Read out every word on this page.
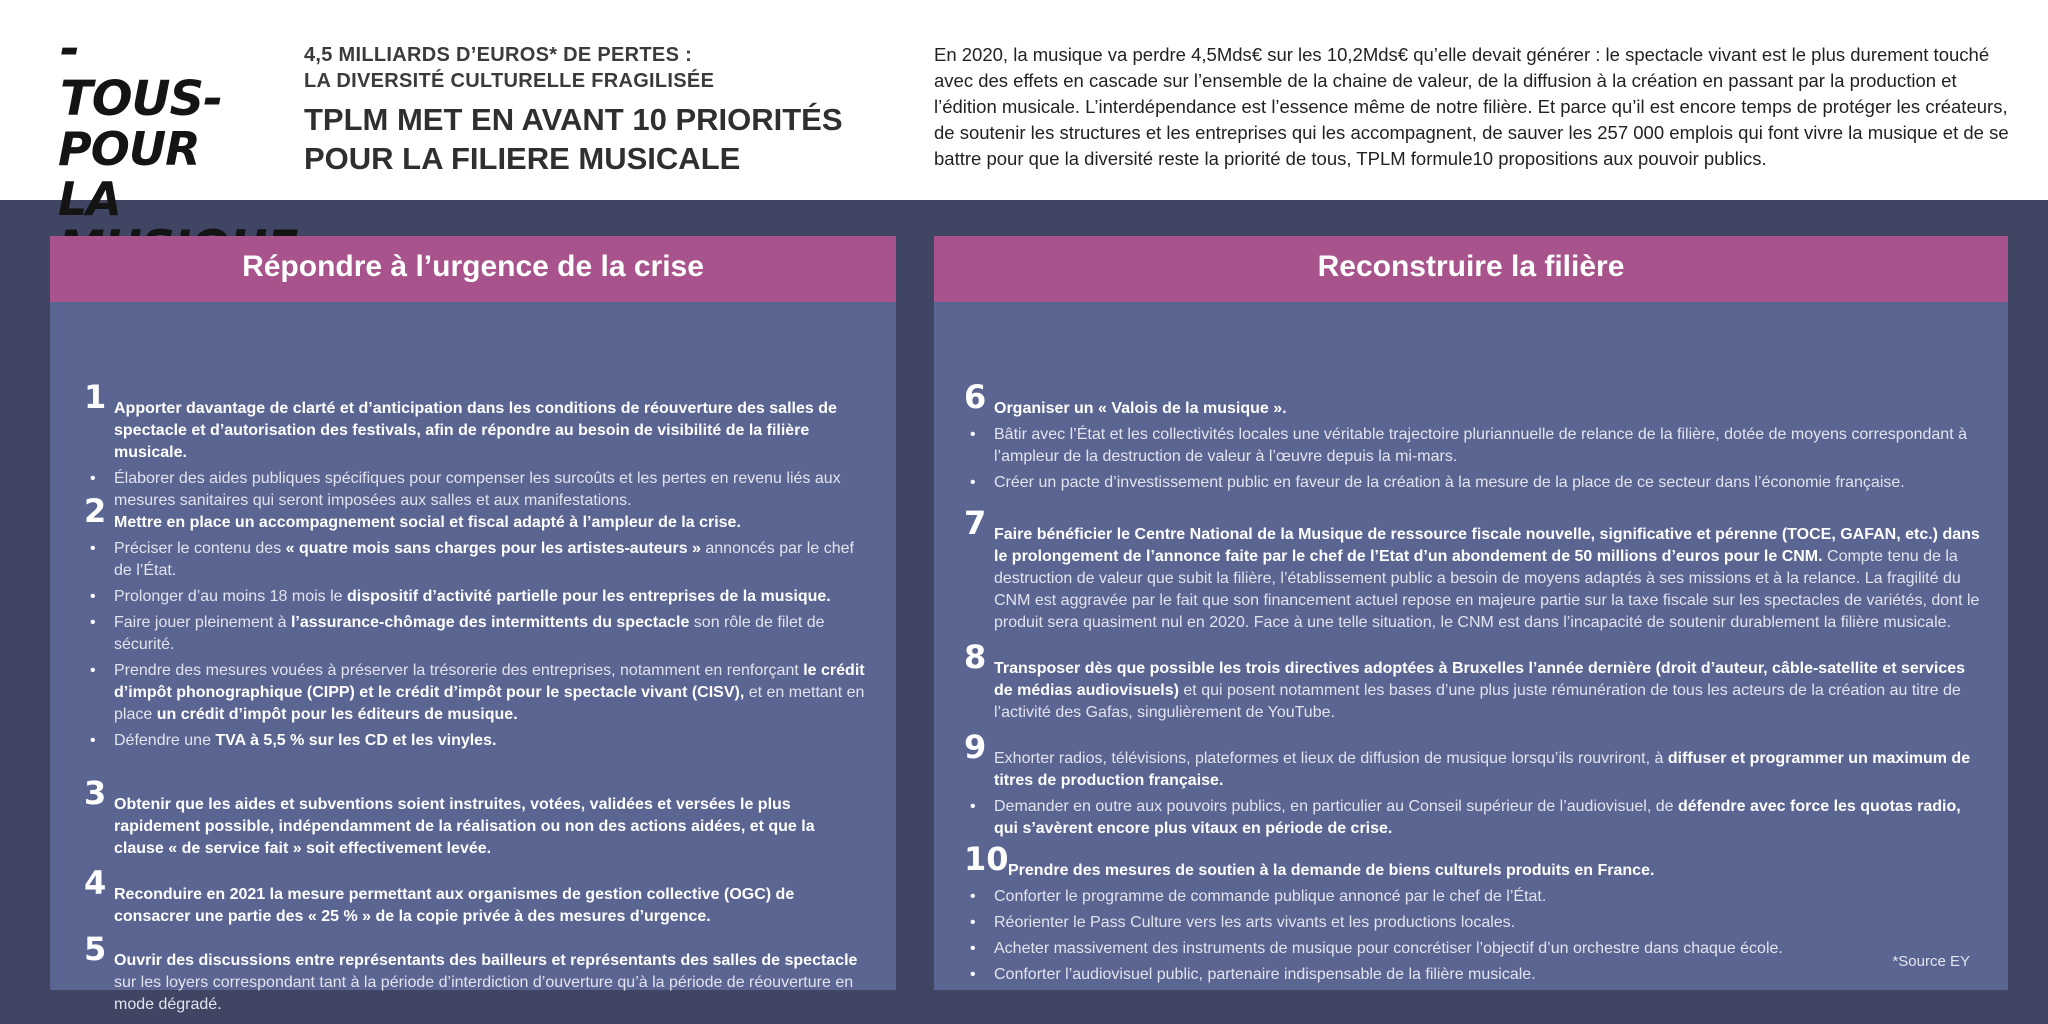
-TOUS-
POUR LA
4,5 MILLIARDS D’EUROS* DE PERTES :
LA DIVERSITÉ CULTURELLE FRAGILISÉE
TPLM MET EN AVANT 10 PRIORITÉS
POUR LA FILIERE MUSICALE
En 2020, la musique va perdre 4,5Mds€ sur les 10,2Mds€ qu’elle devait générer : le spectacle vivant est le plus durement touché avec des effets en cascade sur l’ensemble de la chaine de valeur, de la diffusion à la création en passant par la production et l’édition musicale. L’interdépendance est l’essence même de notre filière. Et parce qu’il est encore temps de protéger les créateurs, de soutenir les structures et les entreprises qui les accompagnent, de sauver les 257 000 emplois qui font vivre la musique et de se battre pour que la diversité reste la priorité de tous, TPLM formule10 propositions aux pouvoir publics.
Répondre à l’urgence de la crise
1 Apporter davantage de clarté et d’anticipation dans les conditions de réouverture des salles de spectacle et d’autorisation des festivals, afin de répondre au besoin de visibilité de la filière musicale.
• Élaborer des aides publiques spécifiques pour compenser les surcoûts et les pertes en revenu liés aux mesures sanitaires qui seront imposées aux salles et aux manifestations.
2 Mettre en place un accompagnement social et fiscal adapté à l’ampleur de la crise.
• Préciser le contenu des « quatre mois sans charges pour les artistes-auteurs » annoncés par le chef de l’État.
• Prolonger d’au moins 18 mois le dispositif d’activité partielle pour les entreprises de la musique.
• Faire jouer pleinement à l’assurance-chômage des intermittents du spectacle son rôle de filet de sécurité.
• Prendre des mesures vouées à préserver la trésorerie des entreprises, notamment en renforçant le crédit d’impôt phonographique (CIPP) et le crédit d’impôt pour le spectacle vivant (CISV), et en mettant en place un crédit d’impôt pour les éditeurs de musique.
• Défendre une TVA à 5,5 % sur les CD et les vinyles.
3 Obtenir que les aides et subventions soient instruites, votées, validées et versées le plus rapidement possible, indépendamment de la réalisation ou non des actions aidées, et que la clause « de service fait » soit effectivement levée.
4 Reconduire en 2021 la mesure permettant aux organismes de gestion collective (OGC) de consacrer une partie des « 25 % » de la copie privée à des mesures d’urgence.
5 Ouvrir des discussions entre représentants des bailleurs et représentants des salles de spectacle sur les loyers correspondant tant à la période d’interdiction d’ouverture qu’à la période de réouverture en mode dégradé.
Reconstruire la filière
6 Organiser un « Valois de la musique ».
• Bâtir avec l’État et les collectivités locales une véritable trajectoire pluriannuelle de relance de la filière, dotée de moyens correspondant à l’ampleur de la destruction de valeur à l’œuvre depuis la mi-mars.
• Créer un pacte d’investissement public en faveur de la création à la mesure de la place de ce secteur dans l’économie française.
7 Faire bénéficier le Centre National de la Musique de ressource fiscale nouvelle, significative et pérenne (TOCE, GAFAN, etc.) dans le prolongement de l’annonce faite par le chef de l’Etat d’un abondement de 50 millions d’euros pour le CNM. Compte tenu de la destruction de valeur que subit la filière, l’établissement public a besoin de moyens adaptés à ses missions et à la relance. La fragilité du CNM est aggravée par le fait que son financement actuel repose en majeure partie sur la taxe fiscale sur les spectacles de variétés, dont le produit sera quasiment nul en 2020. Face à une telle situation, le CNM est dans l’incapacité de soutenir durablement la filière musicale.
8 Transposer dès que possible les trois directives adoptées à Bruxelles l’année dernière (droit d’auteur, câble-satellite et services de médias audiovisuels) et qui posent notamment les bases d’une plus juste rémunération de tous les acteurs de la création au titre de l’activité des Gafas, singulièrement de YouTube.
9 Exhorter radios, télévisions, plateformes et lieux de diffusion de musique lorsqu’ils rouvriront, à diffuser et programmer un maximum de titres de production française.
• Demander en outre aux pouvoirs publics, en particulier au Conseil supérieur de l’audiovisuel, de défendre avec force les quotas radio, qui s’avèrent encore plus vitaux en période de crise.
10 Prendre des mesures de soutien à la demande de biens culturels produits en France.
• Conforter le programme de commande publique annoncé par le chef de l’État.
• Réorienter le Pass Culture vers les arts vivants et les productions locales.
• Acheter massivement des instruments de musique pour concrétiser l’objectif d’un orchestre dans chaque école.
• Conforter l’audiovisuel public, partenaire indispensable de la filière musicale.
*Source EY
